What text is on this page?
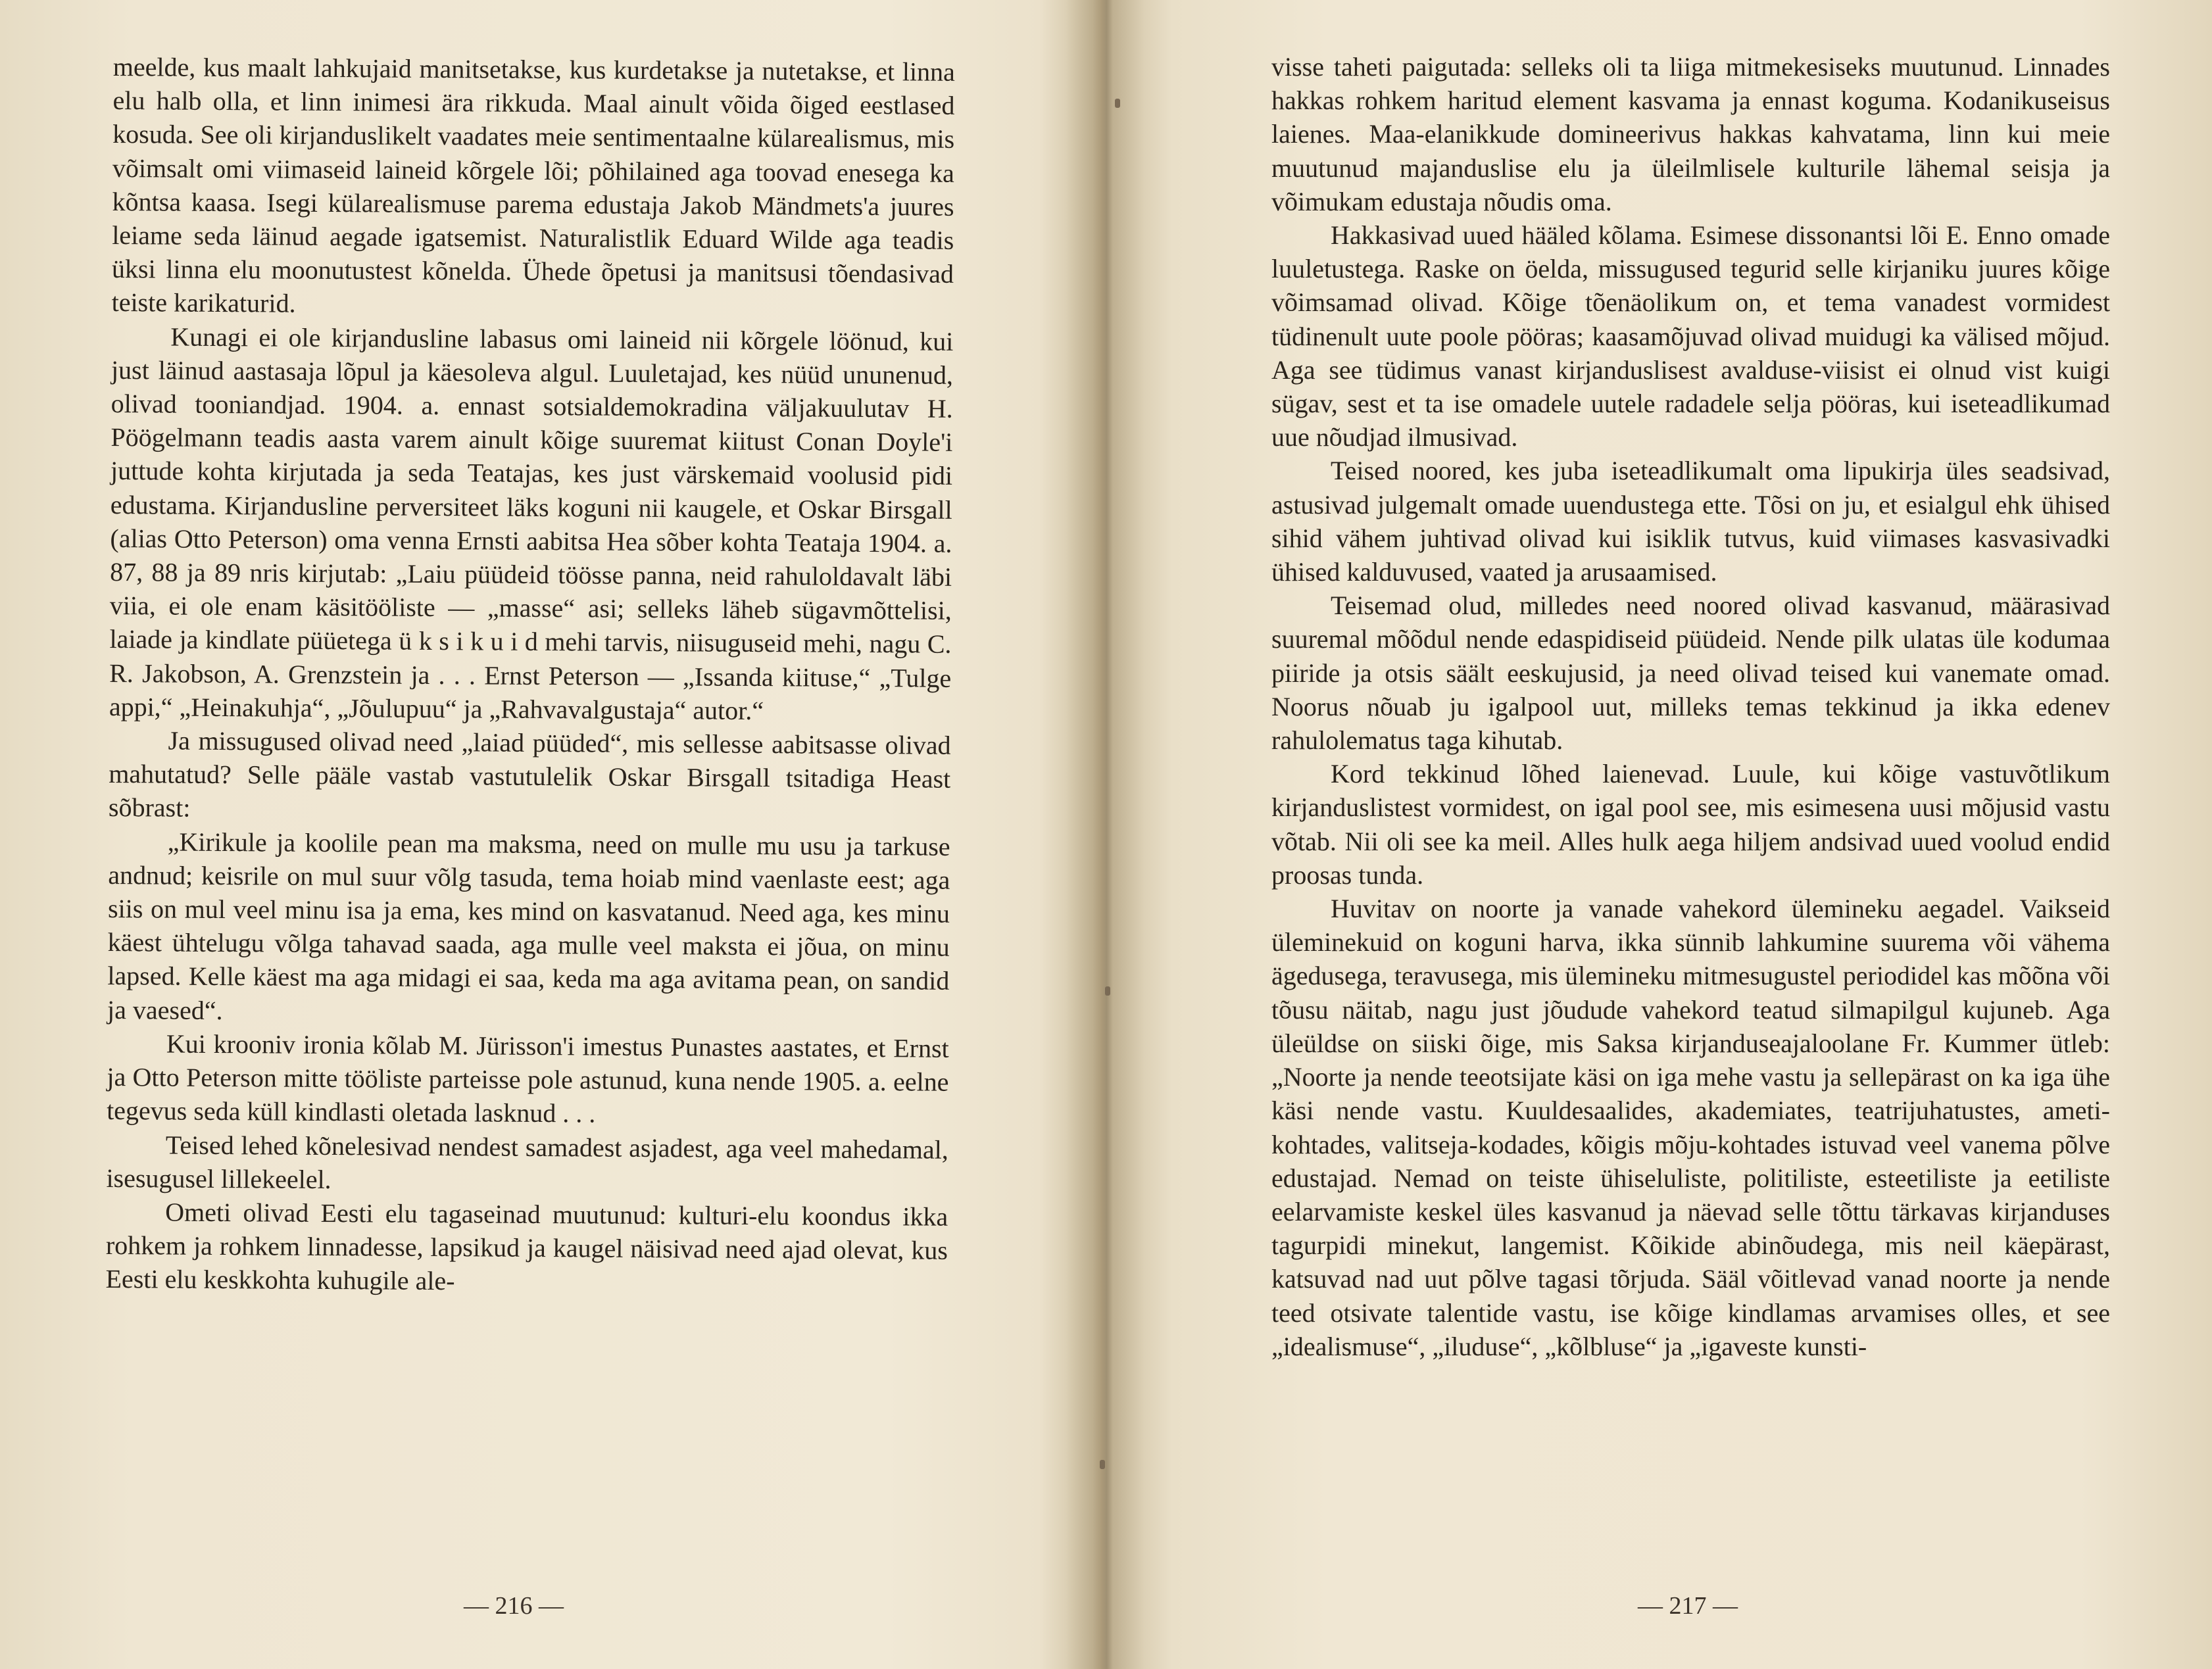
meelde, kus maalt lahkujaid manitsetakse, kus kurdetakse ja nutetakse, et linna elu halb olla, et linn inimesi ära rikkuda. Maal ainult võida õiged eestlased kosuda. See oli kirjanduslikelt vaadates meie sentimentaalne külarealismus, mis võimsalt omi viimaseid laineid kõrgele lõi; põhilained aga toovad enesega ka kõntsa kaasa. Isegi külarealismuse parema edustaja Jakob Mändmets'a juures leiame seda läinud aegade igatsemist. Naturalistlik Eduard Wilde aga teadis üksi linna elu moonutustest kõnelda. Ühede õpetusi ja manitsusi tõendasivad teiste karikaturid.

Kunagi ei ole kirjanduslinе labasus omi laineid nii kõrgele löönud, kui just läinud aastasaja lõpul ja käesoleva algul. Luuletajad, kes nüüd ununenud, olivad tooniandjad. 1904. a. ennast sotsialdemokradina väljakuulutav H. Pöögelmann teadis aasta varem ainult kõige suuremat kiitust Conan Doyle'i juttude kohta kirjutada ja seda Teatajas, kes just värskemaid voolusid pidi edustama. Kirjanduslinе perversiteet läks koguni nii kaugele, et Oskar Birsgall (alias Otto Peterson) oma venna Ernsti aabitsa Hea sõber kohta Teataja 1904. a. 87, 88 ja 89 nris kirjutab: „Laiu püüdeid töösse panna, neid rahuloldavalt läbi viia, ei ole enam käsitööliste — „masse“ asi; selleks läheb sügavmõttelisi, laiade ja kindlate püüetega ü k s i k u i d mehi tarvis, niisuguseid mehi, nagu C. R. Jakobson, A. Grenzstein ja . . . Ernst Peterson — „Issanda kiituse,“ „Tulge appi,“ „Heinakuhja“, „Jõulupuu“ ja „Rahvavalgustaja“ autor.“

Ja missugused olivad need „laiad püüded“, mis sellesse aabitsasse olivad mahutatud? Selle pääle vastab vastutulelik Oskar Birsgall tsitadiga Heast sõbrast:

„Kirikule ja koolile pean ma maksma, need on mulle mu usu ja tarkuse andnud; keisrile on mul suur võlg tasuda, tema hoiab mind vaenlaste eest; aga siis on mul veel minu isa ja ema, kes mind on kasvatanud. Need aga, kes minu käest ühtelugu võlga tahavad saada, aga mulle veel maksta ei jõua, on minu lapsed. Kelle käest ma aga midagi ei saa, keda ma aga avitama pean, on sandid ja vaesed“.

Kui krooniv ironia kõlab M. Jürisson'i imestus Punastes aastates, et Ernst ja Otto Peterson mitte tööliste parteisse pole astunud, kuna nende 1905. a. eelne tegevus seda küll kindlasti oletada lasknud . . .

Teised lehed kõnelesivad nendest samadest asjadest, aga veel mahedamal, isesugusel lillekeelel.

Ometi olivad Eesti elu tagaseinad muutunud: kulturi-elu koondus ikka rohkem ja rohkem linnadesse, lapsikud ja kaugel näisivad need ajad olevat, kus Eesti elu keskkohta kuhugile ale-

— 216 —

visse taheti paigutada: selleks oli ta liiga mitmekesiseks muutunud. Linnades hakkas rohkem haritud element kasvama ja ennast koguma. Kodanikuseisus laienes. Maa-elanikkude domineerivus hakkas kahvatama, linn kui meie muutunud majanduslise elu ja üleilmlisele kulturile lähemal seisja ja võimukam edustaja nõudis oma.

Hakkasivad uued hääled kõlama. Esimese dissonantsi lõi E. Enno omade luuletustega. Raske on öelda, missugused tegurid selle kirjaniku juures kõige võimsamad olivad. Kõige tõenäolikum on, et tema vanadest vormidest tüdinenult uute poole pööras; kaasamõjuvad olivad muidugi ka välised mõjud. Aga see tüdimus vanast kirjanduslisest avalduse-viisist ei olnud vist kuigi sügav, sest et ta ise omadele uutele radadele selja pööras, kui iseteadlikumad uue nõudjad ilmusivad.

Teised noored, kes juba iseteadlikumalt oma lipukirja üles seadsivad, astusivad julgemalt omade uuendustega ette. Tõsi on ju, et esialgul ehk ühised sihid vähem juhtivad olivad kui isiklik tutvus, kuid viimases kasvasivadki ühised kalduvused, vaated ja arusaamised.

Teisemad olud, milledes need noored olivad kasvanud, määrasivad suuremal mõõdul nende edaspidiseid püüdeid. Nende pilk ulatas üle kodumaa piiride ja otsis säält eeskujusid, ja need olivad teised kui vanemate omad. Noorus nõuab ju igalpool uut, milleks temas tekkinud ja ikka edenev rahulolematus taga kihutab.

Kord tekkinud lõhed laienevad. Luule, kui kõige vastuvõtlikum kirjanduslistest vormidest, on igal pool see, mis esimesena uusi mõjusid vastu võtab. Nii oli see ka meil. Alles hulk aega hiljem andsivad uued voolud endid proosas tunda.

Huvitav on noorte ja vanade vahekord ülemineku aegadel. Vaikseid üleminekuid on koguni harva, ikka sünnib lahkumine suurema või vähema ägedusega, teravusega, mis ülemineku mitmesugustel periodidel kas mõõna või tõusu näitab, nagu just jõudude vahekord teatud silmapilgul kujuneb. Aga üleüldse on siiski õige, mis Saksa kirjanduseajaloolane Fr. Kummer ütleb: „Noorte ja nende teeotsijate käsi on iga mehe vastu ja sellepärast on ka iga ühe käsi nende vastu. Kuuldesaalides, akademiates, teatrijuhatustes, ameti-kohtades, valitseja-kodades, kõigis mõju-kohtades istuvad veel vanema põlve edustajad. Nemad on teiste ühiseluliste, politiliste, esteetiliste ja eetiliste eelarvamiste keskel üles kasvanud ja näevad selle tõttu tärkavas kirjanduses tagurpidi minekut, langemist. Kõikide abinõudega, mis neil käepärast, katsuvad nad uut põlve tagasi tõrjuda. Sääl võitlevad vanad noorte ja nende teed otsivate talentide vastu, ise kõige kindlamas arvamises olles, et see „idealismuse“, „iluduse“, „kõlbluse“ ja „igaveste kunsti-

— 217 —
